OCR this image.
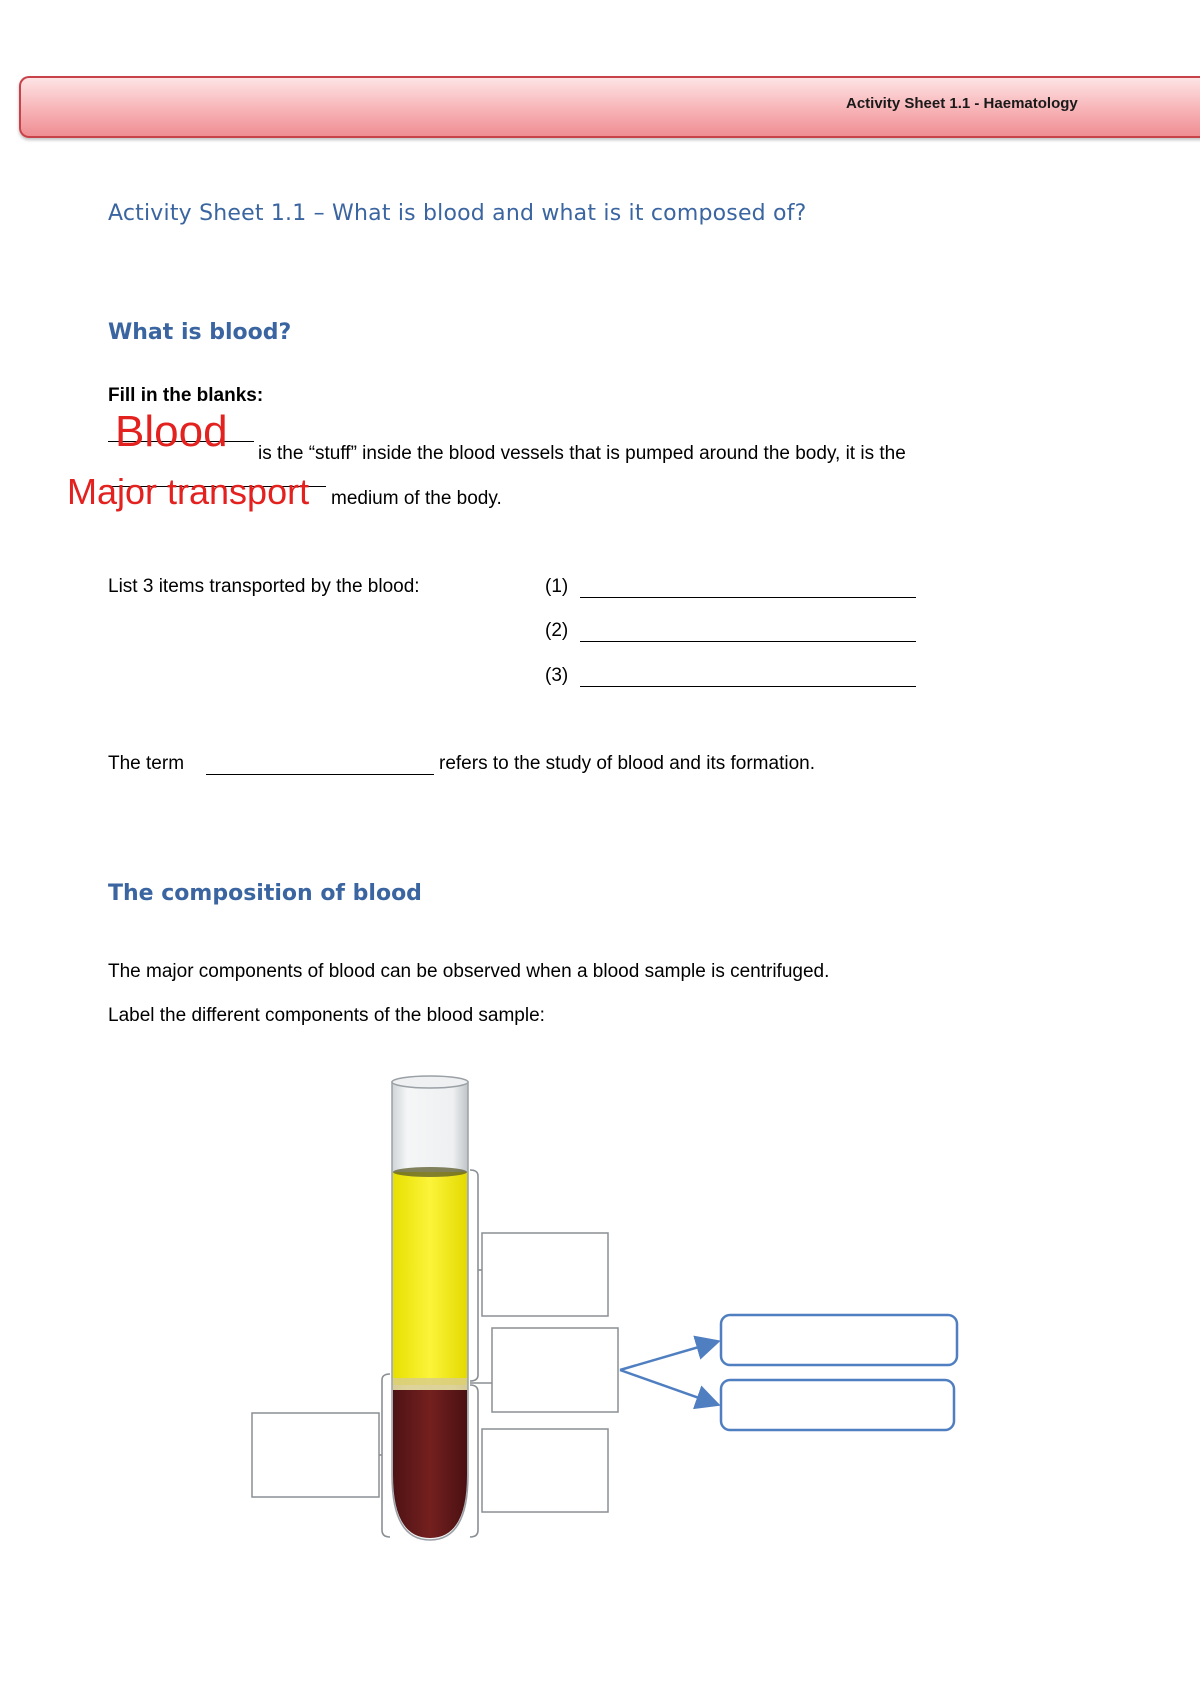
Activity Sheet 1.1 - Haematology
Activity Sheet 1.1 – What is blood and what is it composed of?
What is blood?
Fill in the blanks:
Blood is the “stuff” inside the blood vessels that is pumped around the body, it is the
Major transport medium of the body.
List 3 items transported by the blood:	(1)
(2)
(3)
The term	refers to the study of blood and its formation.
The composition of blood
The major components of blood can be observed when a blood sample is centrifuged.
Label the different components of the blood sample:
